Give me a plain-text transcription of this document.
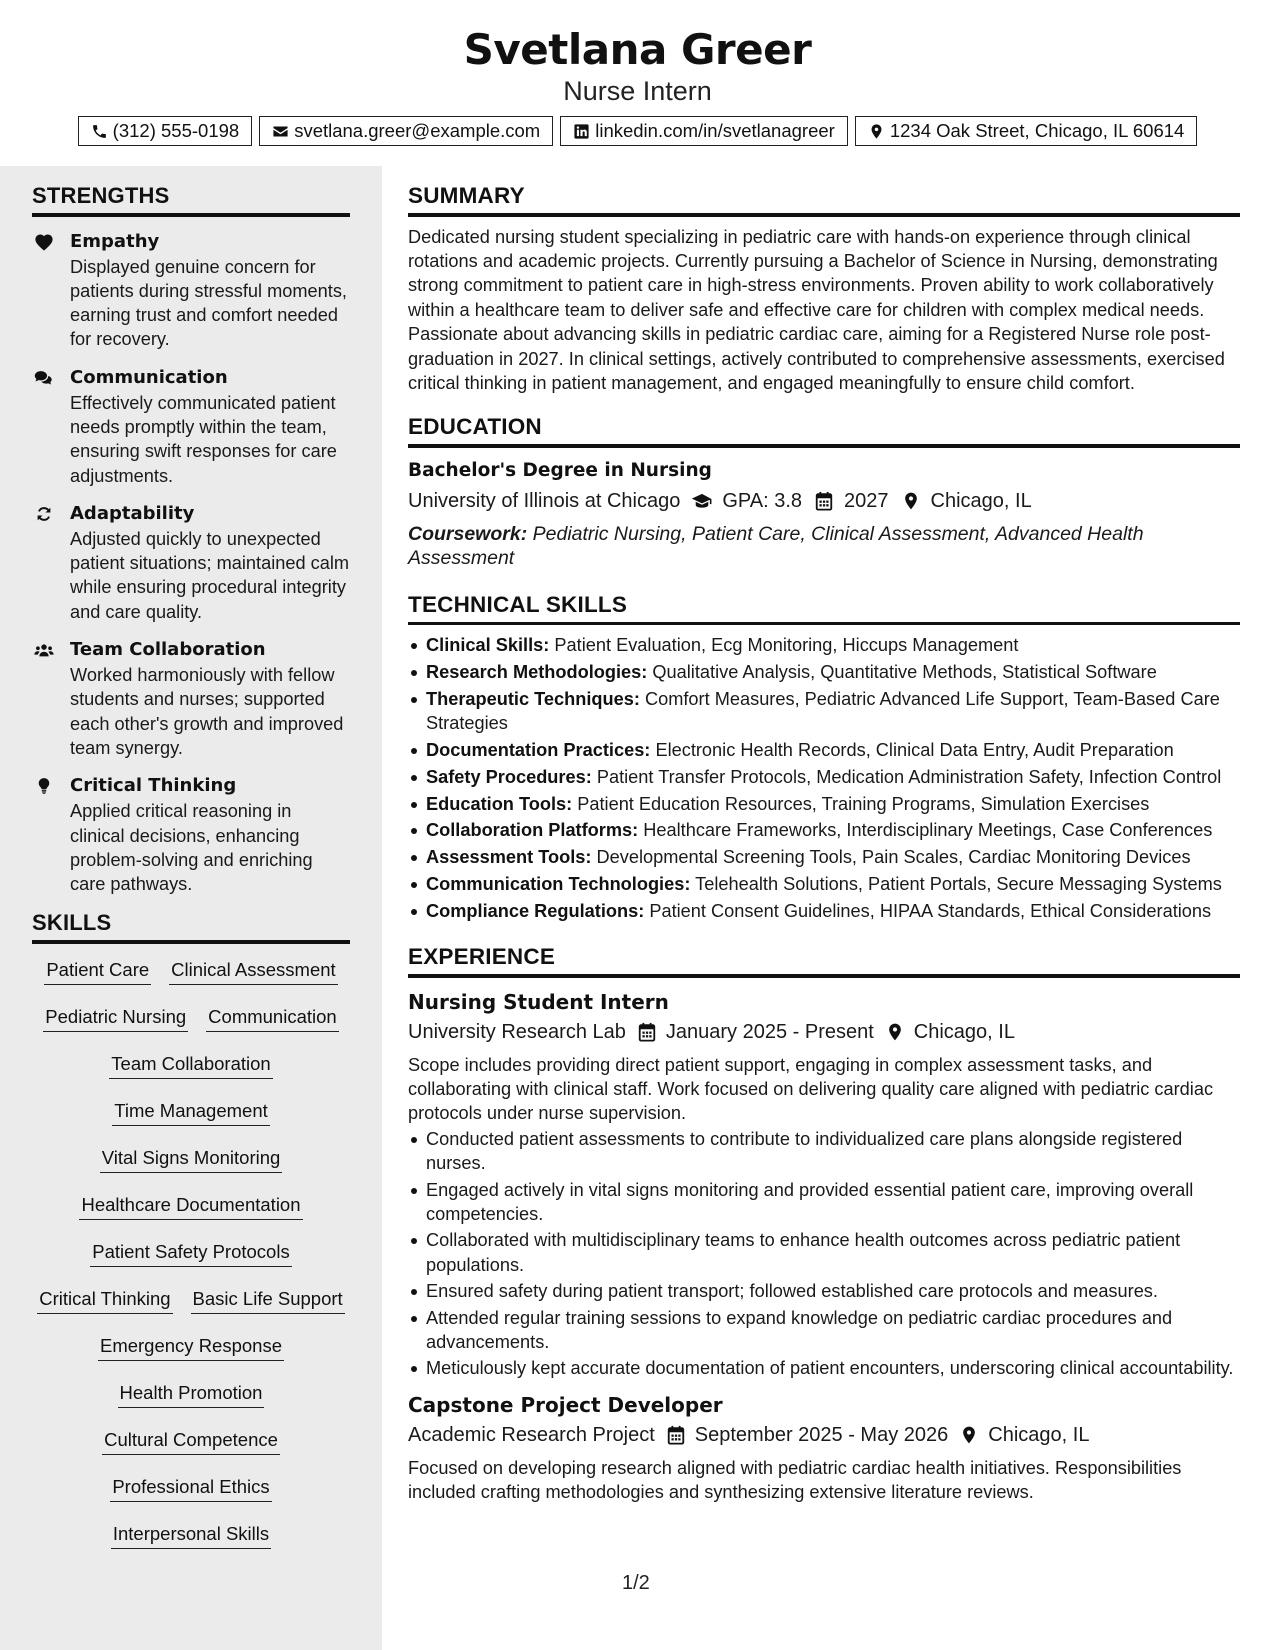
Svetlana Greer
Nurse Intern
(312) 555-0198	svetlana.greer@example.com	linkedin.com/in/svetlanagreer	1234 Oak Street, Chicago, IL 60614
STRENGTHS
Empathy
Displayed genuine concern for patients during stressful moments, earning trust and comfort needed for recovery.
Communication
Effectively communicated patient needs promptly within the team, ensuring swift responses for care adjustments.
Adaptability
Adjusted quickly to unexpected patient situations; maintained calm while ensuring procedural integrity and care quality.
Team Collaboration
Worked harmoniously with fellow students and nurses; supported each other's growth and improved team synergy.
Critical Thinking
Applied critical reasoning in clinical decisions, enhancing problem-solving and enriching care pathways.
SKILLS
Patient Care Clinical Assessment
Pediatric Nursing Communication
Team Collaboration
Time Management
Vital Signs Monitoring
Healthcare Documentation
Patient Safety Protocols
Critical Thinking Basic Life Support
Emergency Response
Health Promotion
Cultural Competence
Professional Ethics
Interpersonal Skills
SUMMARY
Dedicated nursing student specializing in pediatric care with hands-on experience through clinical rotations and academic projects. Currently pursuing a Bachelor of Science in Nursing, demonstrating strong commitment to patient care in high-stress environments. Proven ability to work collaboratively within a healthcare team to deliver safe and effective care for children with complex medical needs. Passionate about advancing skills in pediatric cardiac care, aiming for a Registered Nurse role post-graduation in 2027. In clinical settings, actively contributed to comprehensive assessments, exercised critical thinking in patient management, and engaged meaningfully to ensure child comfort.
EDUCATION
Bachelor's Degree in Nursing
University of Illinois at Chicago GPA: 3.8 2027 Chicago, IL
Coursework: Pediatric Nursing, Patient Care, Clinical Assessment, Advanced Health Assessment
TECHNICAL SKILLS
Clinical Skills: Patient Evaluation, Ecg Monitoring, Hiccups Management
Research Methodologies: Qualitative Analysis, Quantitative Methods, Statistical Software
Therapeutic Techniques: Comfort Measures, Pediatric Advanced Life Support, Team-Based Care Strategies
Documentation Practices: Electronic Health Records, Clinical Data Entry, Audit Preparation
Safety Procedures: Patient Transfer Protocols, Medication Administration Safety, Infection Control
Education Tools: Patient Education Resources, Training Programs, Simulation Exercises
Collaboration Platforms: Healthcare Frameworks, Interdisciplinary Meetings, Case Conferences
Assessment Tools: Developmental Screening Tools, Pain Scales, Cardiac Monitoring Devices
Communication Technologies: Telehealth Solutions, Patient Portals, Secure Messaging Systems
Compliance Regulations: Patient Consent Guidelines, HIPAA Standards, Ethical Considerations
EXPERIENCE
Nursing Student Intern
University Research Lab January 2025 - Present Chicago, IL
Scope includes providing direct patient support, engaging in complex assessment tasks, and collaborating with clinical staff. Work focused on delivering quality care aligned with pediatric cardiac protocols under nurse supervision.
Conducted patient assessments to contribute to individualized care plans alongside registered nurses.
Engaged actively in vital signs monitoring and provided essential patient care, improving overall competencies.
Collaborated with multidisciplinary teams to enhance health outcomes across pediatric patient populations.
Ensured safety during patient transport; followed established care protocols and measures.
Attended regular training sessions to expand knowledge on pediatric cardiac procedures and advancements.
Meticulously kept accurate documentation of patient encounters, underscoring clinical accountability.
Capstone Project Developer
Academic Research Project September 2025 - May 2026 Chicago, IL
Focused on developing research aligned with pediatric cardiac health initiatives. Responsibilities included crafting methodologies and synthesizing extensive literature reviews.
1/2
